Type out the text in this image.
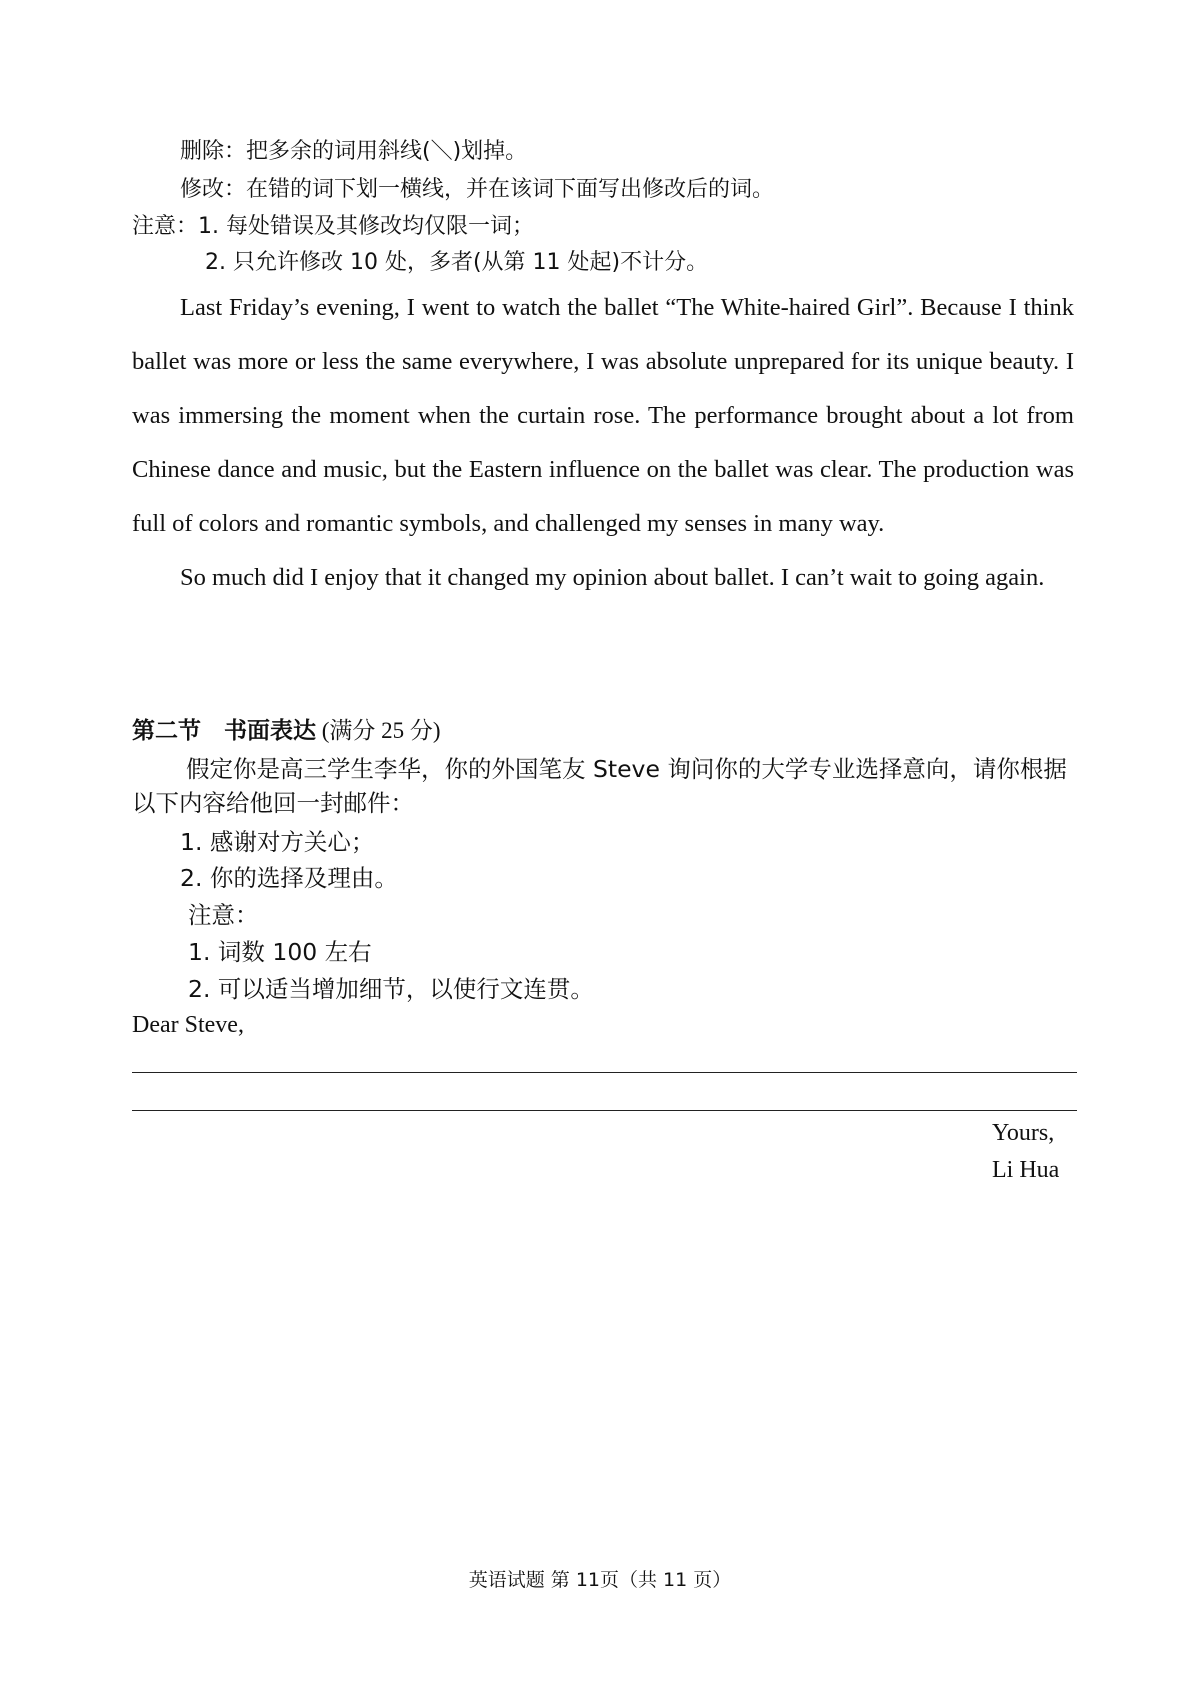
删除：把多余的词用斜线(＼)划掉。
修改：在错的词下划一横线，并在该词下面写出修改后的词。
注意：1. 每处错误及其修改均仅限一词；
2. 只允许修改 10 处，多者(从第 11 处起)不计分。

Last Friday’s evening, I went to watch the ballet “The White-haired Girl”. Because I think ballet was more or less the same everywhere, I was absolute unprepared for its unique beauty. I was immersing the moment when the curtain rose. The performance brought about a lot from Chinese dance and music, but the Eastern influence on the ballet was clear. The production was full of colors and romantic symbols, and challenged my senses in many way.

So much did I enjoy that it changed my opinion about ballet. I can’t wait to going again.

第二节　书面表达 (满分 25 分)

假定你是高三学生李华，你的外国笔友 Steve 询问你的大学专业选择意向，请你根据以下内容给他回一封邮件：

1. 感谢对方关心；
2. 你的选择及理由。
注意：
1. 词数 100 左右
2. 可以适当增加细节，以使行文连贯。
Dear Steve,
Yours,
Li Hua
英语试题 第 11页（共 11 页）
